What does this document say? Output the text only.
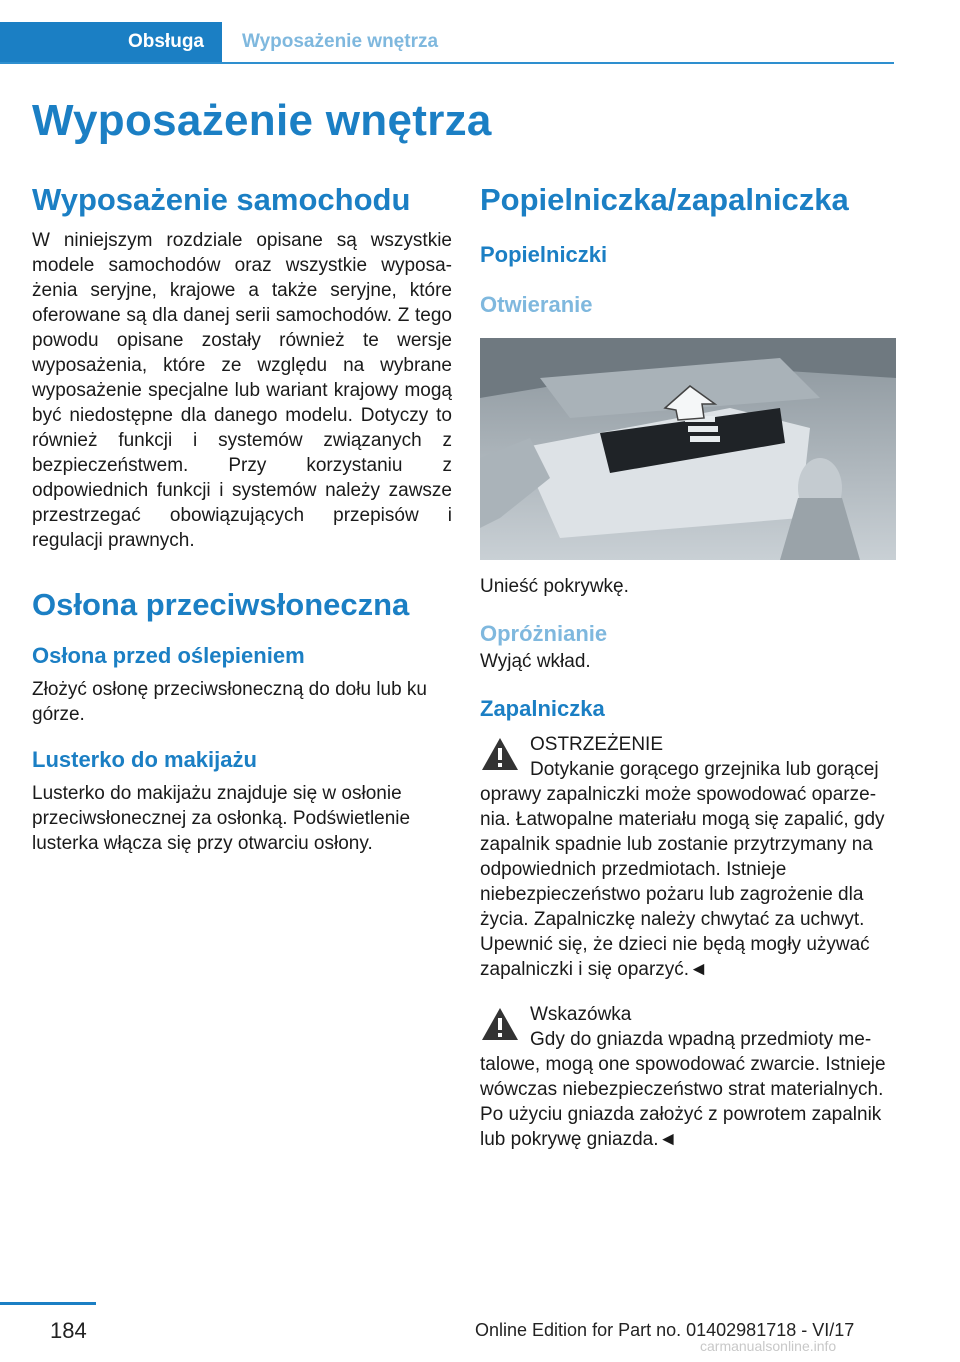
Obsługa	Wyposażenie wnętrza
Wyposażenie wnętrza
Wyposażenie samochodu

W niniejszym rozdziale opisane są wszystkie modele samochodów oraz wszystkie wyposażenia seryjne, krajowe a także seryjne, które oferowane są dla danej serii samochodów. Z tego powodu opisane zostały również te wersje wyposażenia, które ze względu na wybrane wyposażenie specjalne lub wariant krajowy mogą być niedostępne dla danego modelu. Dotyczy to również funkcji i systemów związanych z bezpieczeństwem. Przy korzystaniu z odpowiednich funkcji i systemów należy zawsze przestrzegać obowiązujących przepisów i regulacji prawnych.

Osłona przeciwsłoneczna
Osłona przed oślepieniem

Złożyć osłonę przeciwsłoneczną do dołu lub ku górze.

Lusterko do makijażu

Lusterko do makijażu znajduje się w osłonie przeciwsłonecznej za osłonką. Podświetlenie lusterka włącza się przy otwarciu osłony.

Popielniczka/zapalniczka
Popielniczki
Otwieranie

Unieść pokrywkę.

Opróżnianie

Wyjąć wkład.

Zapalniczka

OSTRZEŻENIE

Dotykanie gorącego grzejnika lub gorącej oprawy zapalniczki może spowodować oparzenia. Łatwopalne materiału mogą się zapalić, gdy zapalnik spadnie lub zostanie przytrzymany na odpowiednich przedmiotach. Istnieje niebezpieczeństwo pożaru lub zagrożenie dla życia. Zapalniczkę należy chwytać za uchwyt. Upewnić się, że dzieci nie będą mogły używać zapalniczki i się oparzyć.◄

Wskazówka

Gdy do gniazda wpadną przedmioty metalowe, mogą one spowodować zwarcie. Istnieje wówczas niebezpieczeństwo strat materialnych. Po użyciu gniazda założyć z powrotem zapalnik lub pokrywę gniazda.◄

184	Online Edition for Part no. 01402981718 - VI/17
carmanualsonline.info
